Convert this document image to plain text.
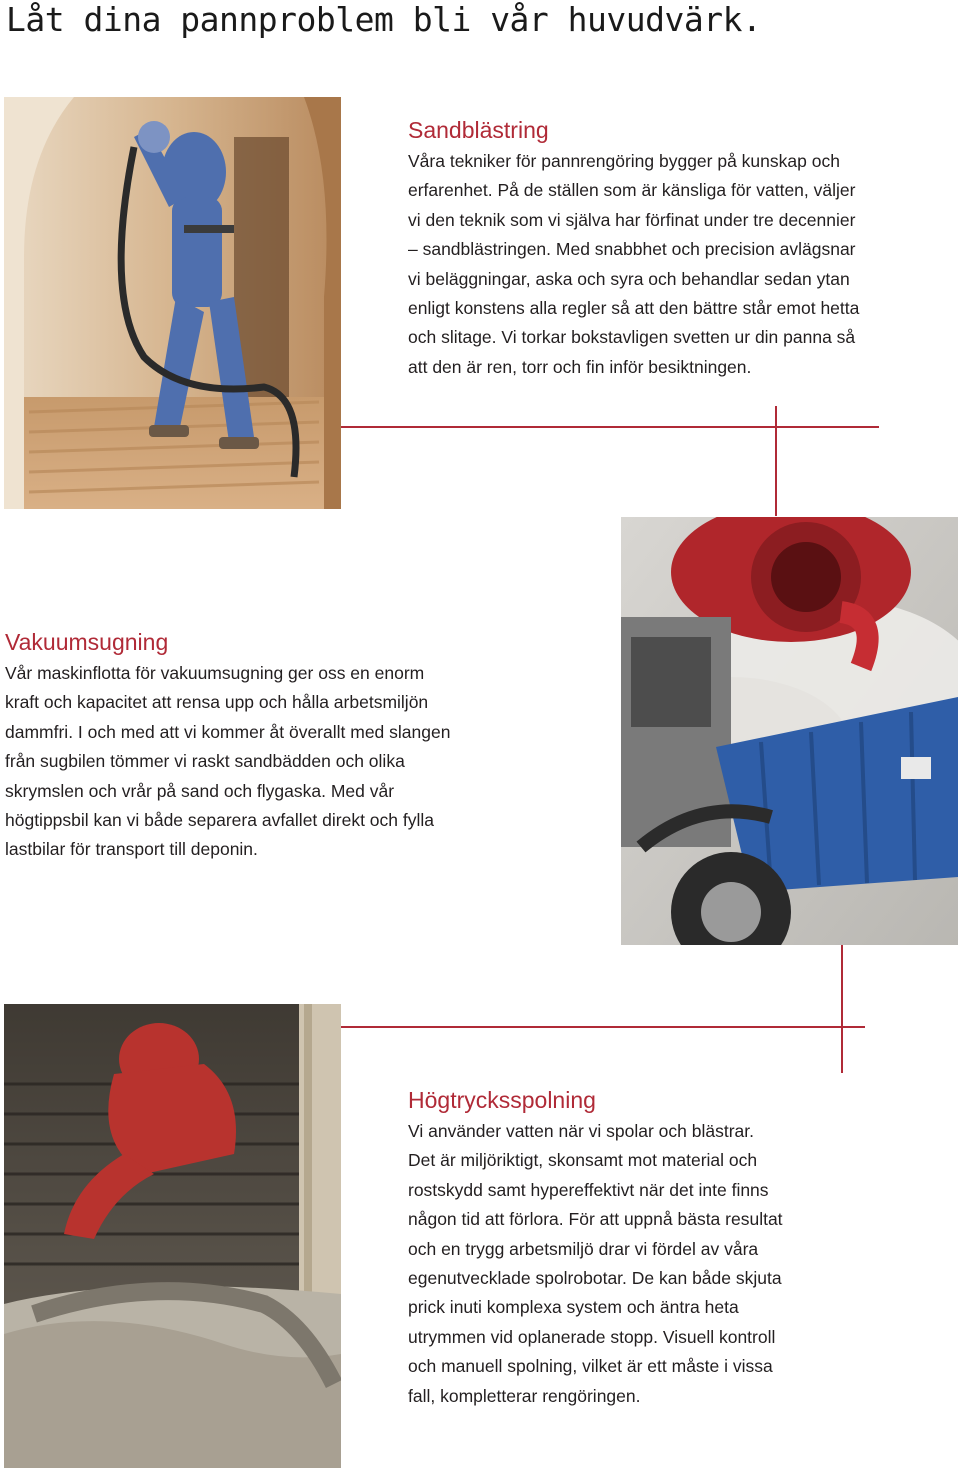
Låt dina pannproblem bli vår huvudvärk.
Sandblästring
Våra tekniker för pannrengöring bygger på kunskap och
erfarenhet. På de ställen som är känsliga för vatten, väljer
vi den teknik som vi själva har förfinat under tre decennier
– sandblästringen. Med snabbhet och precision avlägsnar
vi beläggningar, aska och syra och behandlar sedan ytan
enligt konstens alla regler så att den bättre står emot hetta
och slitage. Vi torkar bokstavligen svetten ur din panna så
att den är ren, torr och fin inför besiktningen.
Vakuumsugning
Vår maskinflotta för vakuumsugning ger oss en enorm
kraft och kapacitet att rensa upp och hålla arbetsmiljön
dammfri. I och med att vi kommer åt överallt med slangen
från sugbilen tömmer vi raskt sandbädden och olika
skrymslen och vrår på sand och flygaska. Med vår
högtippsbil kan vi både separera avfallet direkt och fylla
lastbilar för transport till deponin.
Högtrycksspolning
Vi använder vatten när vi spolar och blästrar.
Det är miljöriktigt, skonsamt mot material och
rostskydd samt hypereffektivt när det inte finns
någon tid att förlora. För att uppnå bästa resultat
och en trygg arbetsmiljö drar vi fördel av våra
egenutvecklade spolrobotar. De kan både skjuta
prick inuti komplexa system och äntra heta
utrymmen vid oplanerade stopp. Visuell kontroll
och manuell spolning, vilket är ett måste i vissa
fall, kompletterar rengöringen.
